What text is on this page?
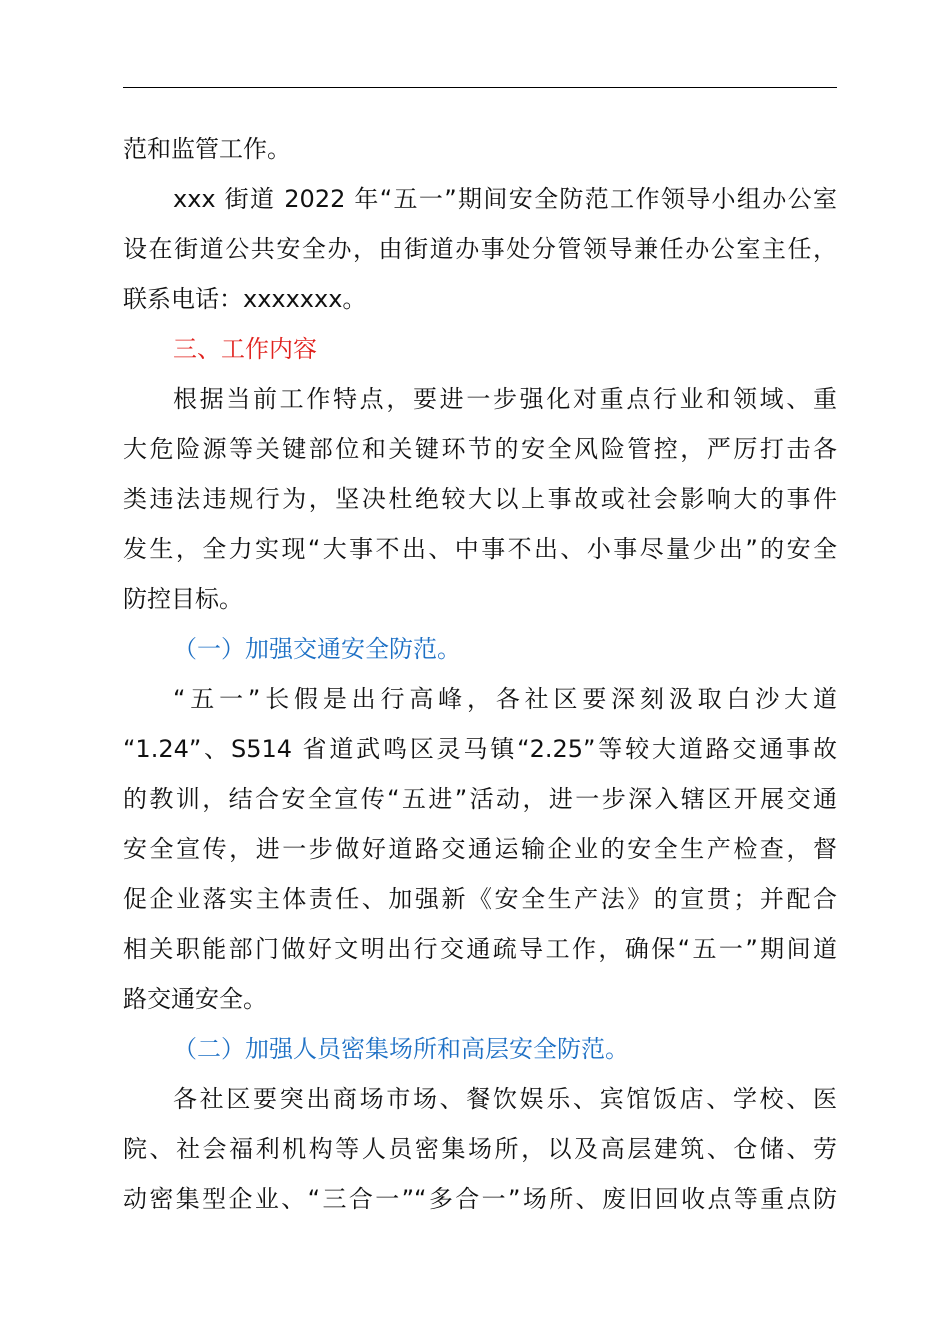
范和监管工作。
xxx 街道 2022 年“五一”期间安全防范工作领导小组办公室
设在街道公共安全办，由街道办事处分管领导兼任办公室主任，
联系电话：xxxxxxx。
三、工作内容
根据当前工作特点，要进一步强化对重点行业和领域、重
大危险源等关键部位和关键环节的安全风险管控，严厉打击各
类违法违规行为，坚决杜绝较大以上事故或社会影响大的事件
发生，全力实现“大事不出、中事不出、小事尽量少出”的安全
防控目标。
（一）加强交通安全防范。
“五一”长假是出行高峰，各社区要深刻汲取白沙大道
“1.24”、S514 省道武鸣区灵马镇“2.25”等较大道路交通事故
的教训，结合安全宣传“五进”活动，进一步深入辖区开展交通
安全宣传，进一步做好道路交通运输企业的安全生产检查，督
促企业落实主体责任、加强新《安全生产法》的宣贯；并配合
相关职能部门做好文明出行交通疏导工作，确保“五一”期间道
路交通安全。
（二）加强人员密集场所和高层安全防范。
各社区要突出商场市场、餐饮娱乐、宾馆饭店、学校、医
院、社会福利机构等人员密集场所，以及高层建筑、仓储、劳
动密集型企业、“三合一”“多合一”场所、废旧回收点等重点防
